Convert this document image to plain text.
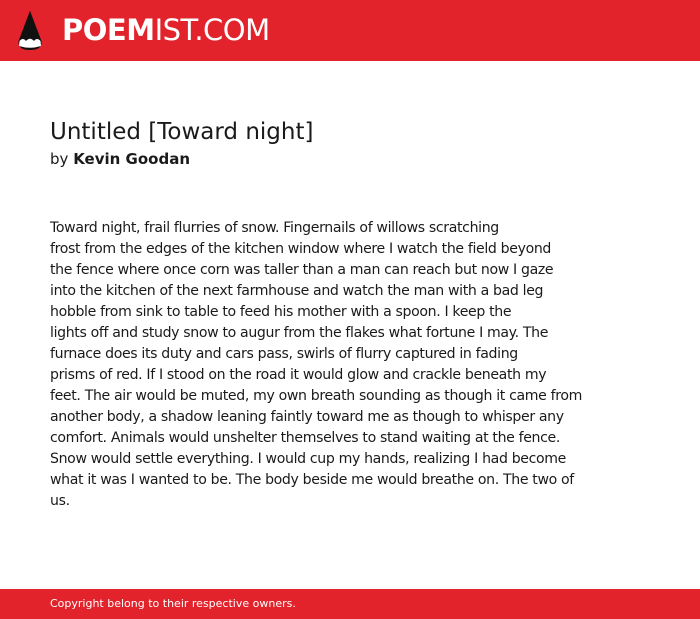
POEMIST.COM
Untitled [Toward night]
by Kevin Goodan
Toward night, frail flurries of snow. Fingernails of willows scratching
frost from the edges of the kitchen window where I watch the field beyond
the fence where once corn was taller than a man can reach but now I gaze
into the kitchen of the next farmhouse and watch the man with a bad leg
hobble from sink to table to feed his mother with a spoon. I keep the
lights off and study snow to augur from the flakes what fortune I may. The
furnace does its duty and cars pass, swirls of flurry captured in fading
prisms of red. If I stood on the road it would glow and crackle beneath my
feet. The air would be muted, my own breath sounding as though it came from
another body, a shadow leaning faintly toward me as though to whisper any
comfort. Animals would unshelter themselves to stand waiting at the fence.
Snow would settle everything. I would cup my hands, realizing I had become
what it was I wanted to be. The body beside me would breathe on. The two of
us.
Copyright belong to their respective owners.
